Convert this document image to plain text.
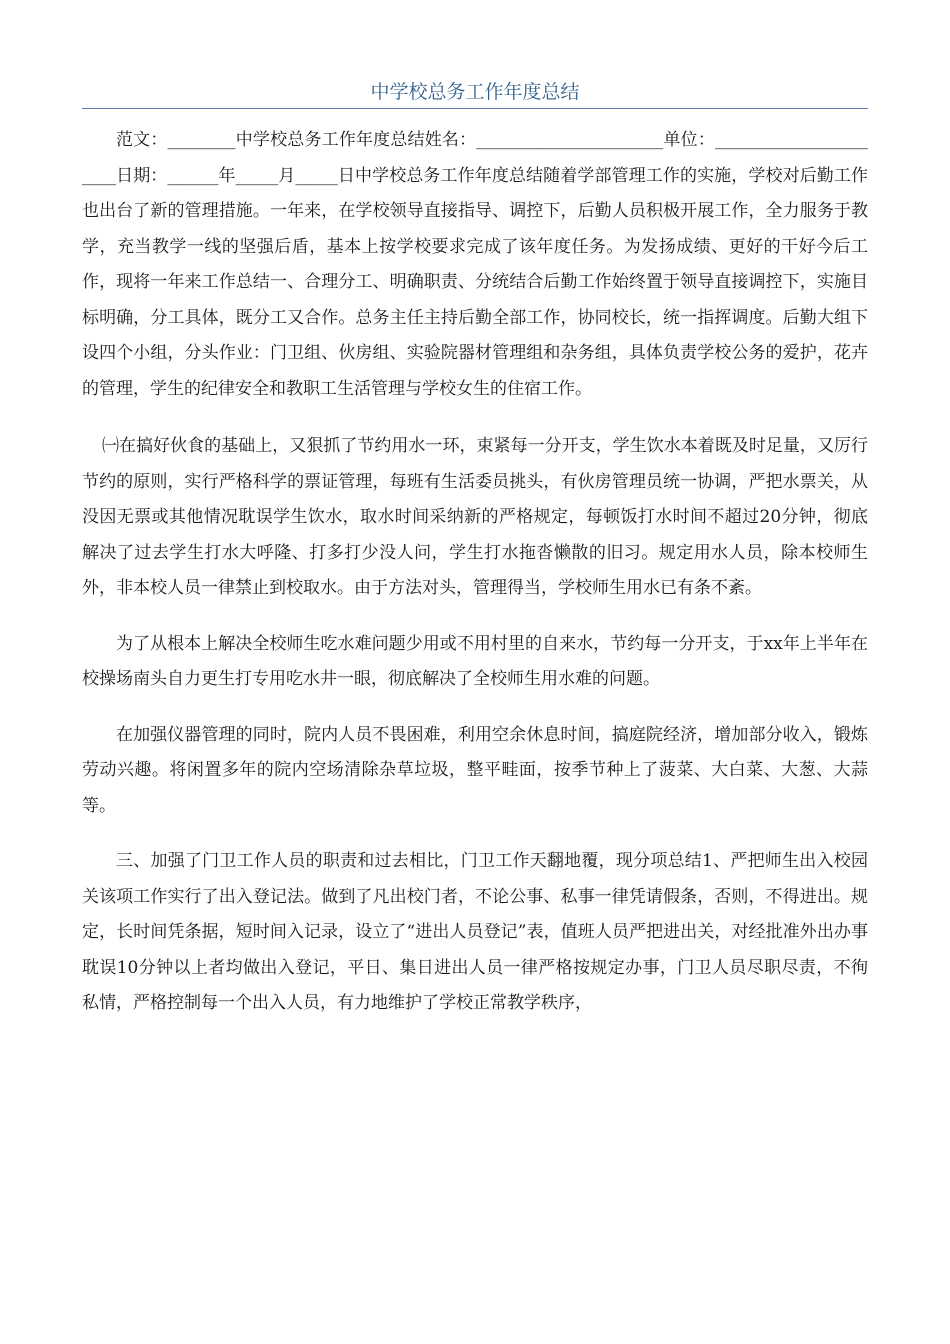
中学校总务工作年度总结

范文：________中学校总务工作年度总结姓名：______________________单位：______________________日期：______年_____月_____日中学校总务工作年度总结随着学部管理工作的实施，学校对后勤工作也出台了新的管理措施。一年来，在学校领导直接指导、调控下，后勤人员积极开展工作，全力服务于教学，充当教学一线的坚强后盾，基本上按学校要求完成了该年度任务。为发扬成绩、更好的干好今后工作，现将一年来工作总结一、合理分工、明确职责、分统结合后勤工作始终置于领导直接调控下，实施目标明确，分工具体，既分工又合作。总务主任主持后勤全部工作，协同校长，统一指挥调度。后勤大组下设四个小组，分头作业：门卫组、伙房组、实验院器材管理组和杂务组，具体负责学校公务的爱护，花卉的管理，学生的纪律安全和教职工生活管理与学校女生的住宿工作。

㈠在搞好伙食的基础上，又狠抓了节约用水一环，束紧每一分开支，学生饮水本着既及时足量，又厉行节约的原则，实行严格科学的票证管理，每班有生活委员挑头，有伙房管理员统一协调，严把水票关，从没因无票或其他情况耽误学生饮水，取水时间采纳新的严格规定，每顿饭打水时间不超过20分钟，彻底解决了过去学生打水大呼隆、打多打少没人问，学生打水拖沓懒散的旧习。规定用水人员，除本校师生外，非本校人员一律禁止到校取水。由于方法对头，管理得当，学校师生用水已有条不紊。

为了从根本上解决全校师生吃水难问题少用或不用村里的自来水，节约每一分开支，于xx年上半年在校操场南头自力更生打专用吃水井一眼，彻底解决了全校师生用水难的问题。

在加强仪器管理的同时，院内人员不畏困难，利用空余休息时间，搞庭院经济，增加部分收入，锻炼劳动兴趣。将闲置多年的院内空场清除杂草垃圾，整平畦面，按季节种上了菠菜、大白菜、大葱、大蒜等。

三、加强了门卫工作人员的职责和过去相比，门卫工作天翻地覆，现分项总结1、严把师生出入校园关该项工作实行了出入登记法。做到了凡出校门者，不论公事、私事一律凭请假条，否则，不得进出。规定，长时间凭条据，短时间入记录，设立了“进出人员登记”表，值班人员严把进出关，对经批准外出办事耽误10分钟以上者均做出入登记，平日、集日进出人员一律严格按规定办事，门卫人员尽职尽责，不徇私情，严格控制每一个出入人员，有力地维护了学校正常教学秩序，
